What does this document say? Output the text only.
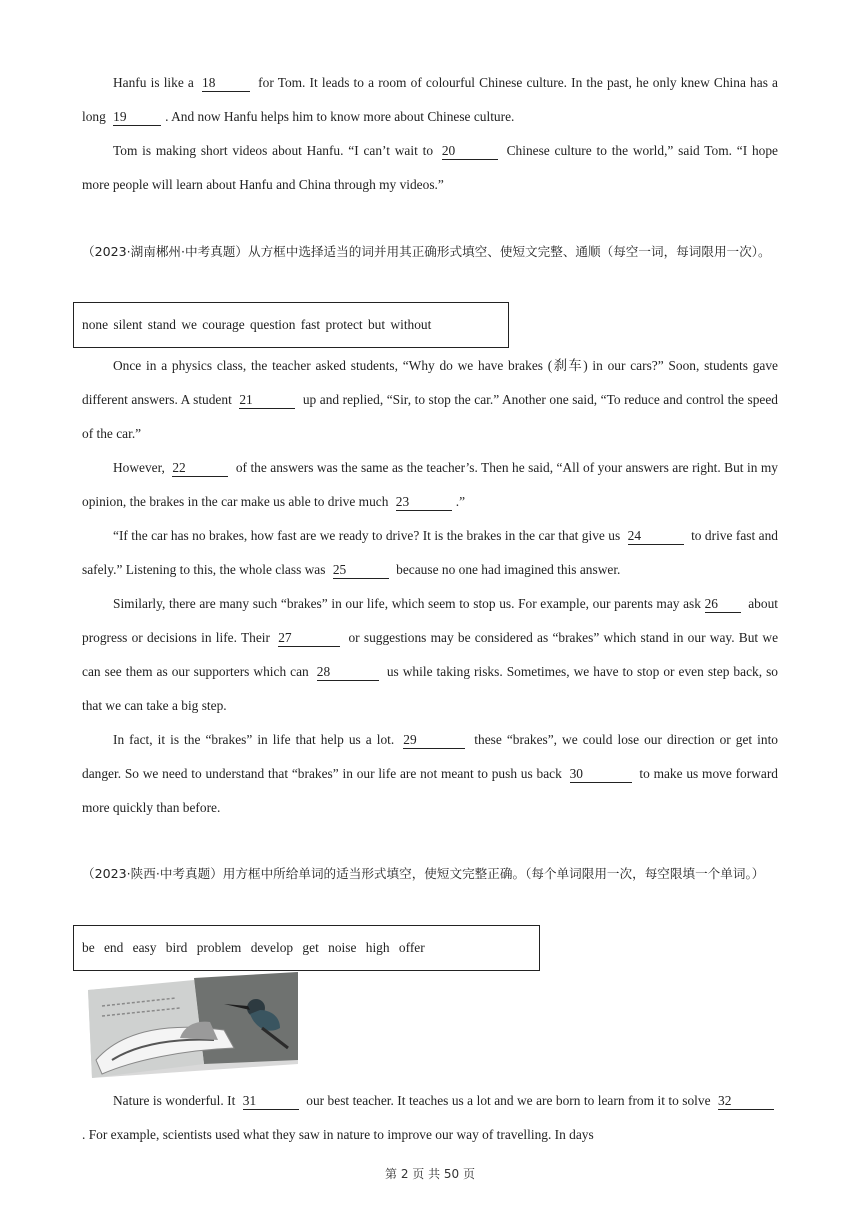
Hanfu is like a 18	for Tom. It leads to a room of colourful Chinese culture. In the past, he only knew China has a long 19	. And now Hanfu helps him to know more about Chinese culture.

Tom is making short videos about Hanfu. “I can’t wait to 20	Chinese culture to the world,” said Tom. “I hope more people will learn about Hanfu and China through my videos.”

（2023·湖南郴州·中考真题）从方框中选择适当的词并用其正确形式填空、使短文完整、通顺（每空一词，每词限用一次）。

none silent stand we courage question fast protect but without

Once in a physics class, the teacher asked students, “Why do we have brakes (刹车) in our cars?” Soon, students gave different answers. A student 21	up and replied, “Sir, to stop the car.” Another one said, “To reduce and control the speed of the car.”

However, 22	of the answers was the same as the teacher’s. Then he said, “All of your answers are right. But in my opinion, the brakes in the car make us able to drive much 23	.”

“If the car has no brakes, how fast are we ready to drive? It is the brakes in the car that give us 24	to drive fast and safely.” Listening to this, the whole class was 25	because no one had imagined this answer.

Similarly, there are many such “brakes” in our life, which seem to stop us. For example, our parents may ask 26 about progress or decisions in life. Their 27	or suggestions may be considered as “brakes” which stand in our way. But we can see them as our supporters which can 28	us while taking risks. Sometimes, we have to stop or even step back, so that we can take a big step.

In fact, it is the “brakes” in life that help us a lot. 29	these “brakes”, we could lose our direction or get into danger. So we need to understand that “brakes” in our life are not meant to push us back 30	to make us move forward more quickly than before.

（2023·陕西·中考真题）用方框中所给单词的适当形式填空，使短文完整正确。（每个单词限用一次，每空限填一个单词。）

be end easy bird problem develop get noise high offer

Nature is wonderful. It 31	our best teacher. It teaches us a lot and we are born to learn from it to solve 32. For example, scientists used what they saw in nature to improve our way of travelling. In days

第 2 页 共 50 页
